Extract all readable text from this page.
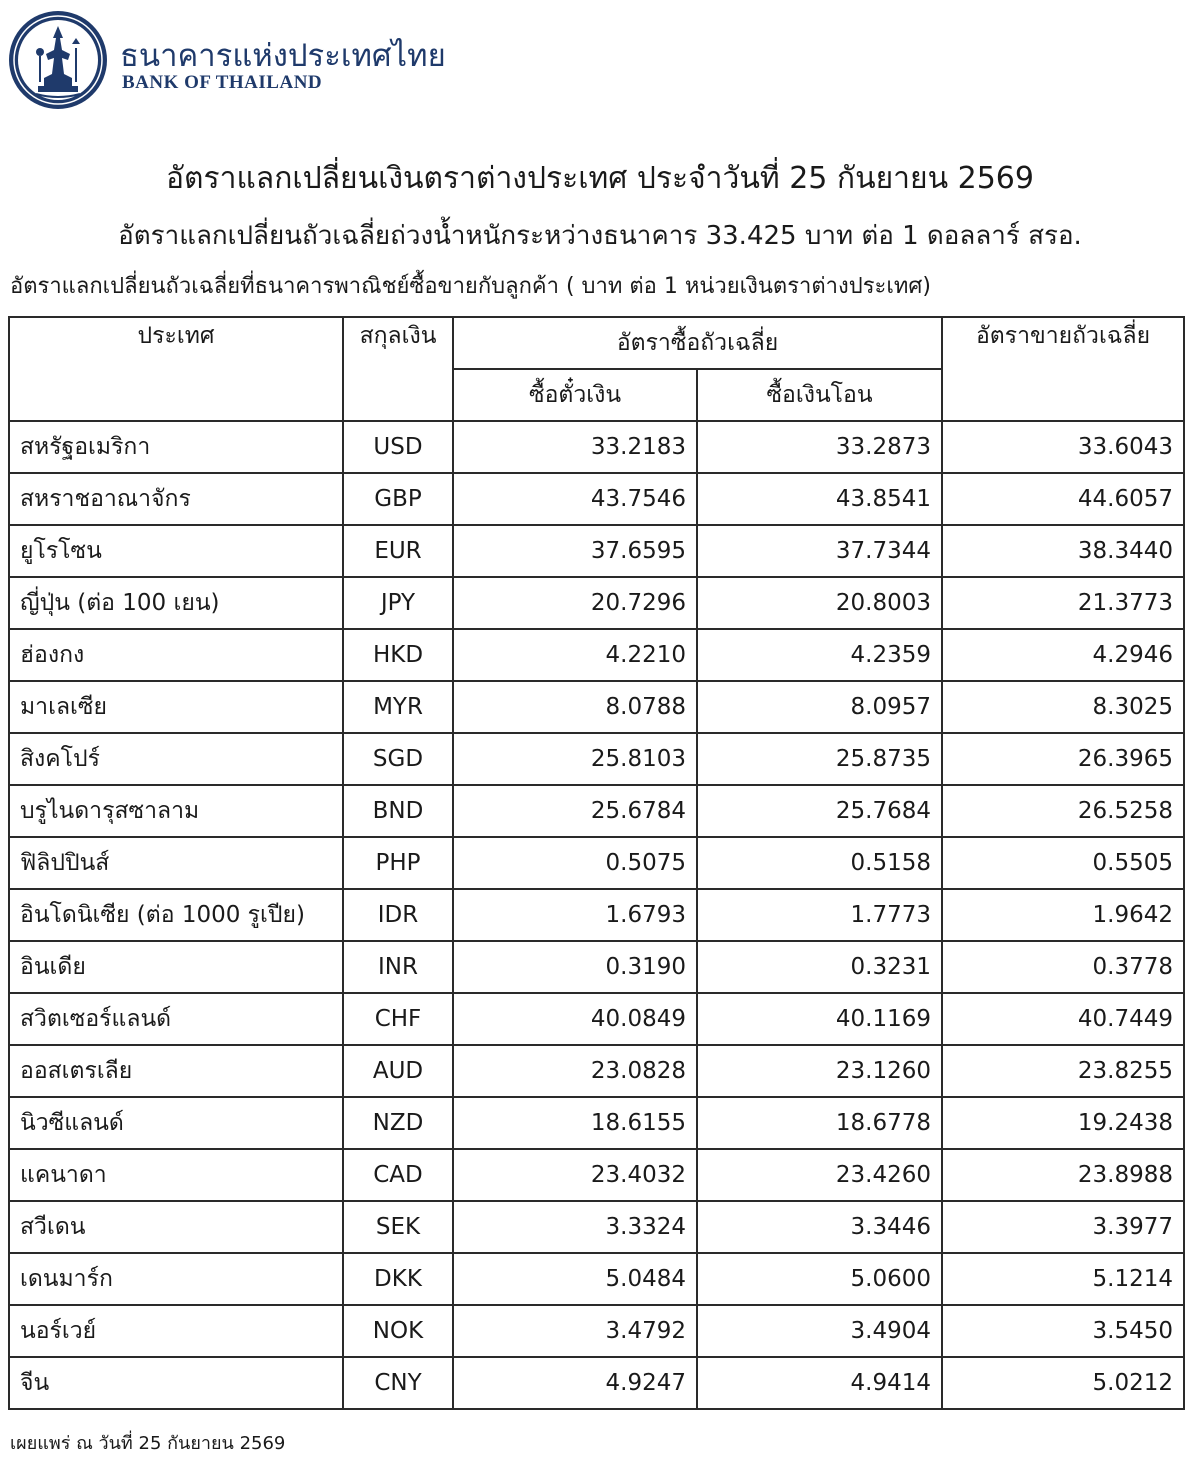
ธนาคารแห่งประเทศไทย
BANK OF THAILAND
อัตราแลกเปลี่ยนเงินตราต่างประเทศ ประจำวันที่ 25 กันยายน 2569
อัตราแลกเปลี่ยนถัวเฉลี่ยถ่วงน้ำหนักระหว่างธนาคาร 33.425 บาท ต่อ 1 ดอลลาร์ สรอ.
อัตราแลกเปลี่ยนถัวเฉลี่ยที่ธนาคารพาณิชย์ซื้อขายกับลูกค้า ( บาท ต่อ 1 หน่วยเงินตราต่างประเทศ)
ประเทศ	สกุลเงิน	อัตราซื้อถัวเฉลี่ย		อัตราขายถัวเฉลี่ย
		ซื้อตั๋วเงิน	ซื้อเงินโอน	
สหรัฐอเมริกา	USD	33.2183	33.2873	33.6043
สหราชอาณาจักร	GBP	43.7546	43.8541	44.6057
ยูโรโซน	EUR	37.6595	37.7344	38.3440
ญี่ปุ่น (ต่อ 100 เยน)	JPY	20.7296	20.8003	21.3773
ฮ่องกง	HKD	4.2210	4.2359	4.2946
มาเลเซีย	MYR	8.0788	8.0957	8.3025
สิงคโปร์	SGD	25.8103	25.8735	26.3965
บรูไนดารุสซาลาม	BND	25.6784	25.7684	26.5258
ฟิลิปปินส์	PHP	0.5075	0.5158	0.5505
อินโดนิเซีย (ต่อ 1000 รูเปีย)	IDR	1.6793	1.7773	1.9642
อินเดีย	INR	0.3190	0.3231	0.3778
สวิตเซอร์แลนด์	CHF	40.0849	40.1169	40.7449
ออสเตรเลีย	AUD	23.0828	23.1260	23.8255
นิวซีแลนด์	NZD	18.6155	18.6778	19.2438
แคนาดา	CAD	23.4032	23.4260	23.8988
สวีเดน	SEK	3.3324	3.3446	3.3977
เดนมาร์ก	DKK	5.0484	5.0600	5.1214
นอร์เวย์	NOK	3.4792	3.4904	3.5450
จีน	CNY	4.9247	4.9414	5.0212
เผยแพร่ ณ วันที่ 25 กันยายน 2569
